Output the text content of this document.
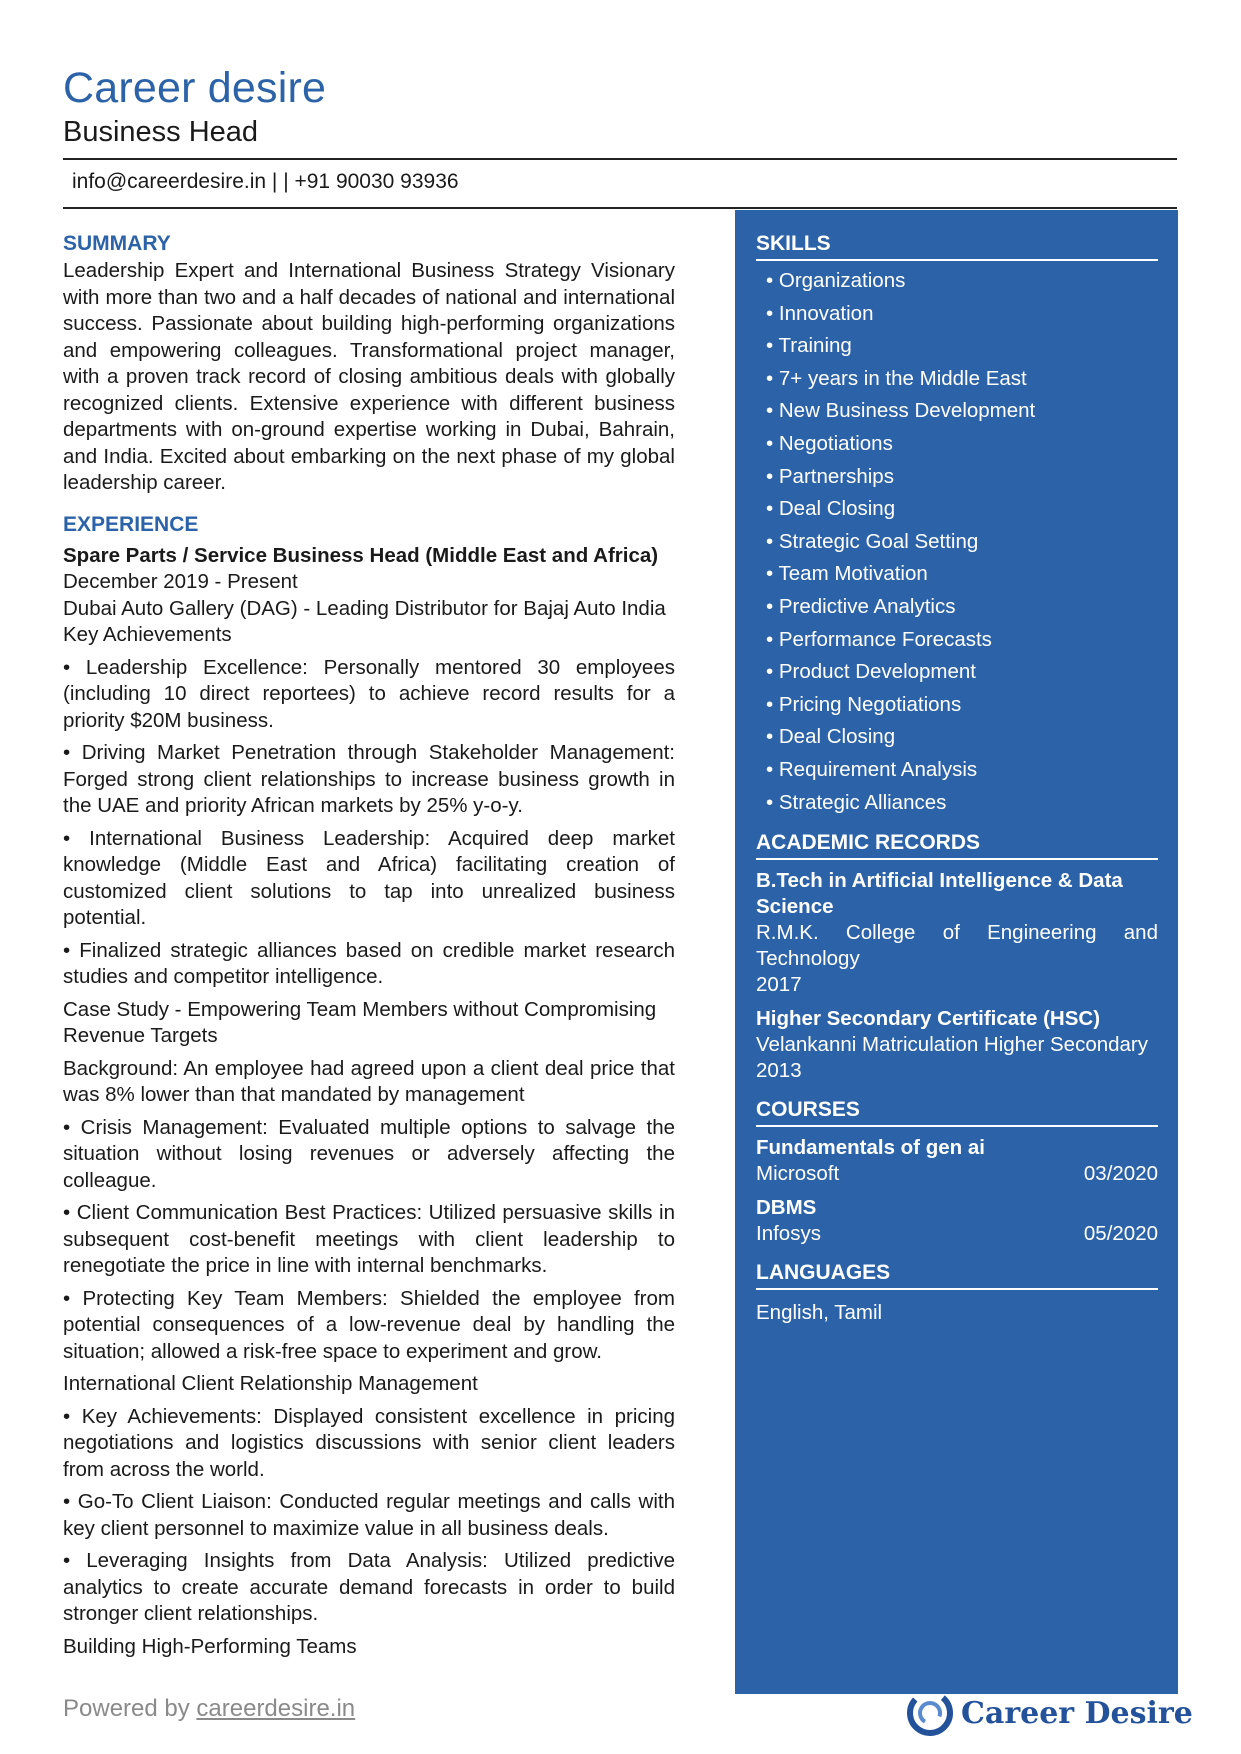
Career desire
Business Head
info@careerdesire.in | | +91 90030 93936

SUMMARY

Leadership Expert and International Business Strategy Visionary with more than two and a half decades of national and international success. Passionate about building high-performing organizations and empowering colleagues. Transformational project manager, with a proven track record of closing ambitious deals with globally recognized clients. Extensive experience with different business departments with on-ground expertise working in Dubai, Bahrain, and India. Excited about embarking on the next phase of my global leadership career.

EXPERIENCE

Spare Parts / Service Business Head (Middle East and Africa)

December 2019 - Present

Dubai Auto Gallery (DAG) - Leading Distributor for Bajaj Auto India

Key Achievements

• Leadership Excellence: Personally mentored 30 employees (including 10 direct reportees) to achieve record results for a priority $20M business.

• Driving Market Penetration through Stakeholder Management: Forged strong client relationships to increase business growth in the UAE and priority African markets by 25% y-o-y.

• International Business Leadership: Acquired deep market knowledge (Middle East and Africa) facilitating creation of customized client solutions to tap into unrealized business potential.

• Finalized strategic alliances based on credible market research studies and competitor intelligence.

Case Study - Empowering Team Members without Compromising Revenue Targets

Background: An employee had agreed upon a client deal price that was 8% lower than that mandated by management

• Crisis Management: Evaluated multiple options to salvage the situation without losing revenues or adversely affecting the colleague.

• Client Communication Best Practices: Utilized persuasive skills in subsequent cost-benefit meetings with client leadership to renegotiate the price in line with internal benchmarks.

• Protecting Key Team Members: Shielded the employee from potential consequences of a low-revenue deal by handling the situation; allowed a risk-free space to experiment and grow.

International Client Relationship Management

• Key Achievements: Displayed consistent excellence in pricing negotiations and logistics discussions with senior client leaders from across the world.

• Go-To Client Liaison: Conducted regular meetings and calls with key client personnel to maximize value in all business deals.

• Leveraging Insights from Data Analysis: Utilized predictive analytics to create accurate demand forecasts in order to build stronger client relationships.

Building High-Performing Teams

SKILLS
• Organizations
• Innovation
• Training
• 7+ years in the Middle East
• New Business Development
• Negotiations
• Partnerships
• Deal Closing
• Strategic Goal Setting
• Team Motivation
• Predictive Analytics
• Performance Forecasts
• Product Development
• Pricing Negotiations
• Deal Closing
• Requirement Analysis
• Strategic Alliances
ACADEMIC RECORDS
B.Tech in Artificial Intelligence & Data Science
R.M.K. College of Engineering and Technology
2017
Higher Secondary Certificate (HSC)
Velankanni Matriculation Higher Secondary
2013
COURSES
Fundamentals of gen ai
Microsoft	03/2020
DBMS
Infosys	05/2020
LANGUAGES
English, Tamil
Powered by careerdesire.in	Career Desire
